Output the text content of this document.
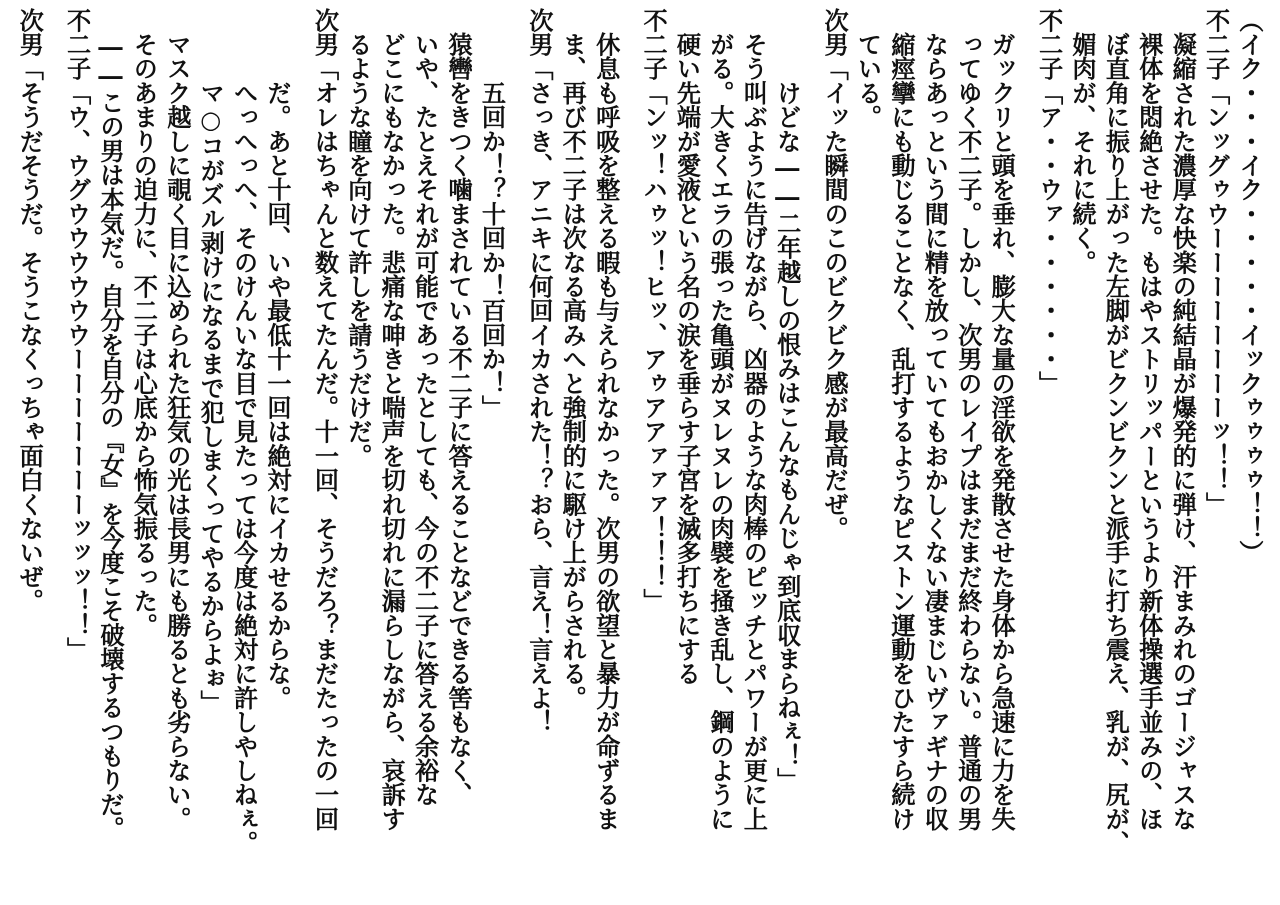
（イク・・・イク・・・・・イックゥゥゥゥ！！）
不二子「ンッグゥウーーーーーーーーッ！！」
　凝縮された濃厚な快楽の純結晶が爆発的に弾け、汗まみれのゴージャスな
　裸体を悶絶させた。もはやストリッパーというより新体操選手並みの、ほ
　ぼ直角に振り上がった左脚がビクンビクンと派手に打ち震え、乳が、尻が、
　媚肉が、それに続く。
不二子「ア・・ウァ・・・・・・」
　ガックリと頭を垂れ、膨大な量の淫欲を発散させた身体から急速に力を失
　ってゆく不二子。しかし、次男のレイプはまだまだ終わらない。普通の男
　ならあっという間に精を放っていてもおかしくない凄まじいヴァギナの収
　縮痙攣にも動じることなく、乱打するようなピストン運動をひたすら続け
　ている。
次男「イッた瞬間のこのビクビク感が最高だぜ。
　　　けどな――二年越しの恨みはこんなもんじゃ到底収まらねぇ！」
　そう叫ぶように告げながら、凶器のような肉棒のピッチとパワーが更に上
　がる。大きくエラの張った亀頭がヌレヌレの肉襞を掻き乱し、鋼のように
　硬い先端が愛液という名の涙を垂らす子宮を滅多打ちにする
不二子「ンッ！ハゥッ！ヒッ、アゥアアァァァ！！！」
　休息も呼吸を整える暇も与えられなかった。次男の欲望と暴力が命ずるま
　ま、再び不二子は次なる高みへと強制的に駆け上がらされる。
次男「さっき、アニキに何回イカされた！？おら、言え！言えよ！
　　　五回か！？十回か！百回か！」
　猿轡をきつく噛まされている不二子に答えることなどできる筈もなく、
　いや、たとえそれが可能であったとしても、今の不二子に答える余裕な
　どこにもなかった。悲痛な呻きと喘声を切れ切れに漏らしながら、哀訴す
　るような瞳を向けて許しを請うだけだ。
次男「オレはちゃんと数えてたんだ。十一回、そうだろ？まだたったの一回
　　　だ。あと十回、いや最低十一回は絶対にイカせるからな。
　　　へっへっへ、そのけんいな目で見たっては今度は絶対に許しやしねぇ。
　　　マ○コがズル剥けになるまで犯しまくってやるからよぉ」
　マスク越しに覗く目に込められた狂気の光は長男にも勝るとも劣らない。
　そのあまりの迫力に、不二子は心底から怖気振るった。
　――この男は本気だ。自分を自分の『女』を今度こそ破壊するつもりだ。
不二子「ウ、ウグウウウウウウーーーーーーーッッッ！！」
次男「そうだそうだ。そうこなくっちゃ面白くないぜ。
